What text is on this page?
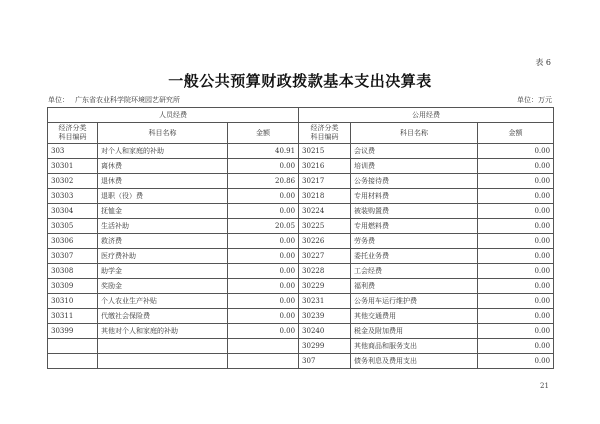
表 6
一般公共预算财政拨款基本支出决算表
单位： 广东省农业科学院环境园艺研究所	单位：万元
人员经费			公用经费		
经济分类
科目编码	科目名称	金额	经济分类
科目编码	科目名称	金额
303	对个人和家庭的补助	40.91	30215	会议费	0.00
30301	离休费	0.00	30216	培训费	0.00
30302	退休费	20.86	30217	公务接待费	0.00
30303	退职（役）费	0.00	30218	专用材料费	0.00
30304	抚恤金	0.00	30224	被装购置费	0.00
30305	生活补助	20.05	30225	专用燃料费	0.00
30306	救济费	0.00	30226	劳务费	0.00
30307	医疗费补助	0.00	30227	委托业务费	0.00
30308	助学金	0.00	30228	工会经费	0.00
30309	奖励金	0.00	30229	福利费	0.00
30310	个人农业生产补贴	0.00	30231	公务用车运行维护费	0.00
30311	代缴社会保险费	0.00	30239	其他交通费用	0.00
30399	其他对个人和家庭的补助	0.00	30240	税金及附加费用	0.00
			30299	其他商品和服务支出	0.00
			307	债务利息及费用支出	0.00
21
